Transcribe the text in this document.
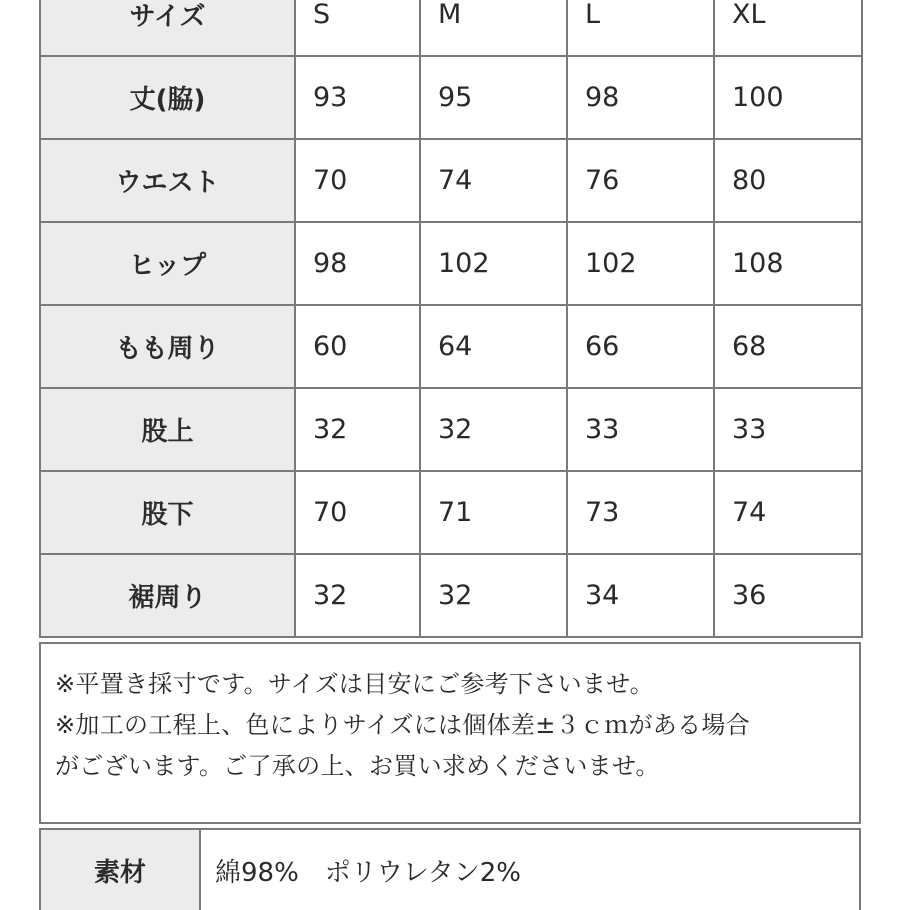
サイズ	S	M	L	XL
丈(脇)	93	95	98	100
ウエスト	70	74	76	80
ヒップ	98	102	102	108
もも周り	60	64	66	68
股上	32	32	33	33
股下	70	71	73	74
裾周り	32	32	34	36
※平置き採寸です。サイズは目安にご参考下さいませ。
※加工の工程上、色によりサイズには個体差±３ｃｍがある場合
がございます。ご了承の上、お買い求めくださいませ。
素材	綿98%　ポリウレタン2%
